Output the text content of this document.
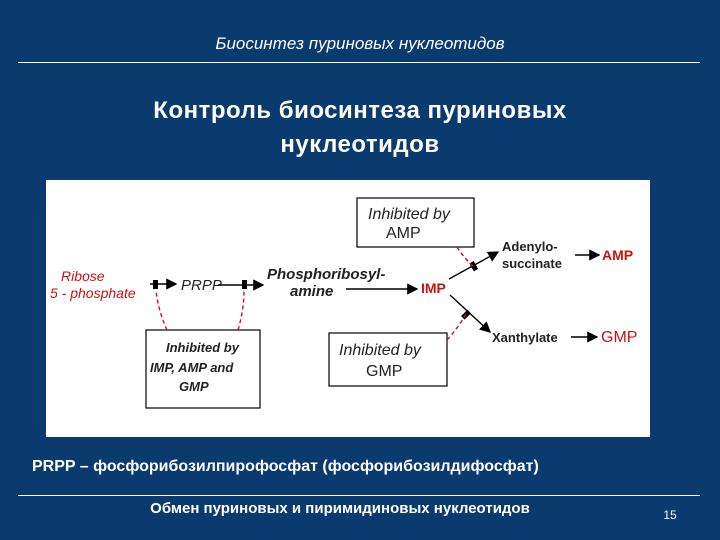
Биосинтез пуриновых нуклеотидов
Контроль биосинтеза пуриновых
нуклеотидов
Inhibited by
AMP
Inhibited by
IMP, AMP and
GMP
Inhibited by
GMP
Ribose
5 - phosphate	PRPP
Phosphoribosyl-
amine	IMP
Adenylo-
succinate
AMP
Xanthylate	GMP
PRPP – фосфорибозилпирофосфат (фосфорибозилдифосфат)
Обмен пуриновых и пиримидиновых нуклеотидов	15
